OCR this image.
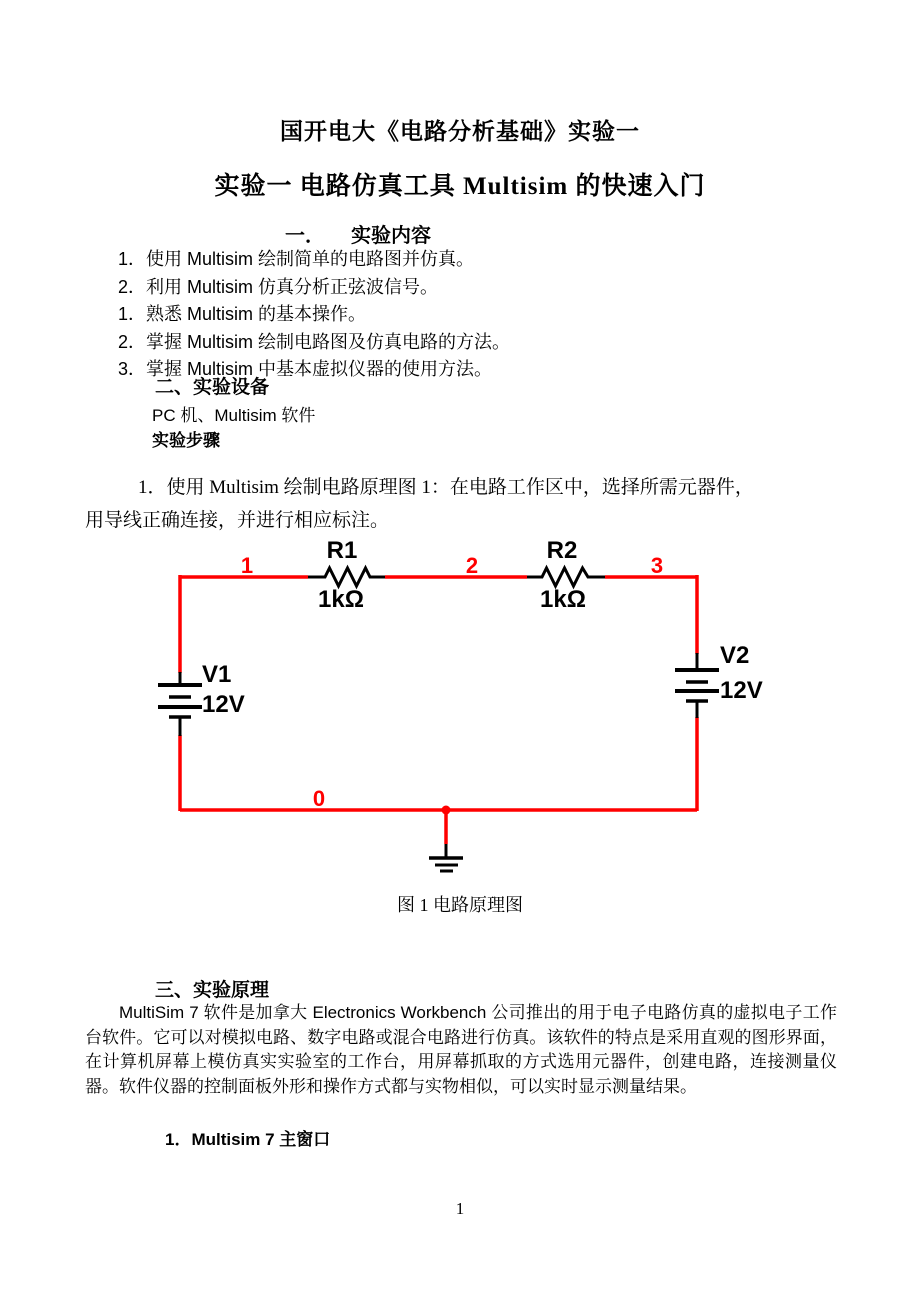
国开电大《电路分析基础》实验一
实验一 电路仿真工具 Multisim 的快速入门
一． 实验内容
1．使用 Multisim 绘制简单的电路图并仿真。
2．利用 Multisim 仿真分析正弦波信号。
1．熟悉 Multisim 的基本操作。
2．掌握 Multisim 绘制电路图及仿真电路的方法。
3．掌握 Multisim 中基本虚拟仪器的使用方法。
二、实验设备
PC 机、Multisim 软件
实验步骤
1．使用 Multisim 绘制电路原理图 1：在电路工作区中，选择所需元器件，
用导线正确连接，并进行相应标注。
R1
1kΩ
R2
1kΩ
V1
12V
V2
12V
1	2	3
0
图 1 电路原理图
三、实验原理
MultiSim 7 软件是加拿大 Electronics Workbench 公司推出的用于电子电路仿真的虚拟电子工作台软件。它可以对模拟电路、数字电路或混合电路进行仿真。该软件的特点是采用直观的图形界面，在计算机屏幕上模仿真实实验室的工作台，用屏幕抓取的方式选用元器件，创建电路，连接测量仪器。软件仪器的控制面板外形和操作方式都与实物相似，可以实时显示测量结果。
1．Multisim 7 主窗口
1
